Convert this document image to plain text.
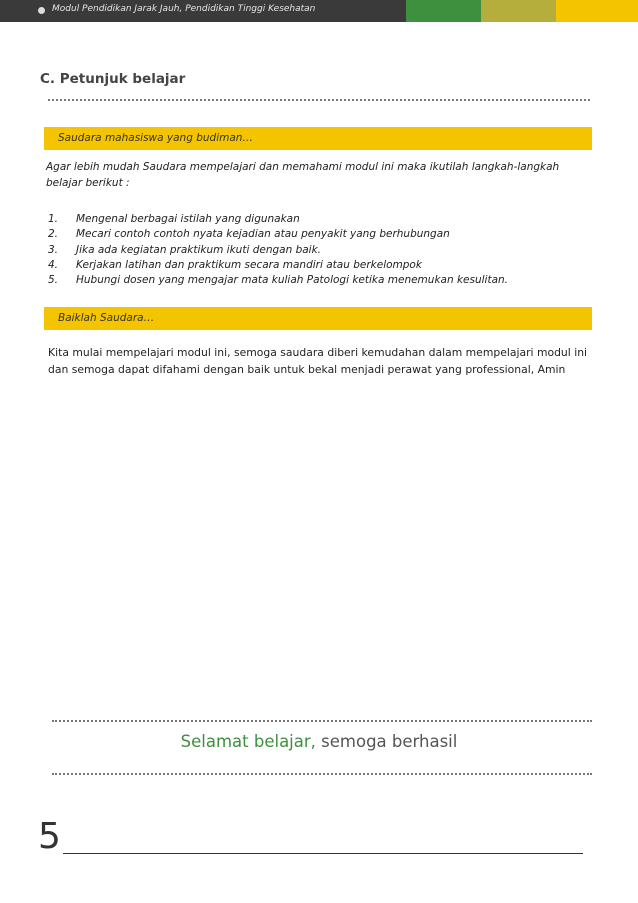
Modul Pendidikan Jarak Jauh, Pendidikan Tinggi Kesehatan
C. Petunjuk belajar
Saudara mahasiswa yang budiman…
Agar lebih mudah Saudara mempelajari dan memahami modul ini maka ikutilah langkah-langkah belajar berikut :
1.	Mengenal berbagai istilah yang digunakan
2.	Mecari contoh contoh nyata kejadian atau penyakit yang berhubungan
3.	Jika ada kegiatan praktikum ikuti dengan baik.
4.	Kerjakan latihan dan praktikum secara mandiri atau berkelompok
5.	Hubungi dosen yang mengajar mata kuliah Patologi ketika menemukan kesulitan.
Baiklah Saudara…
Kita mulai mempelajari modul ini, semoga saudara diberi kemudahan dalam mempelajari modul ini dan semoga dapat difahami dengan baik untuk bekal menjadi perawat yang professional, Amin
Selamat belajar, semoga berhasil
5
